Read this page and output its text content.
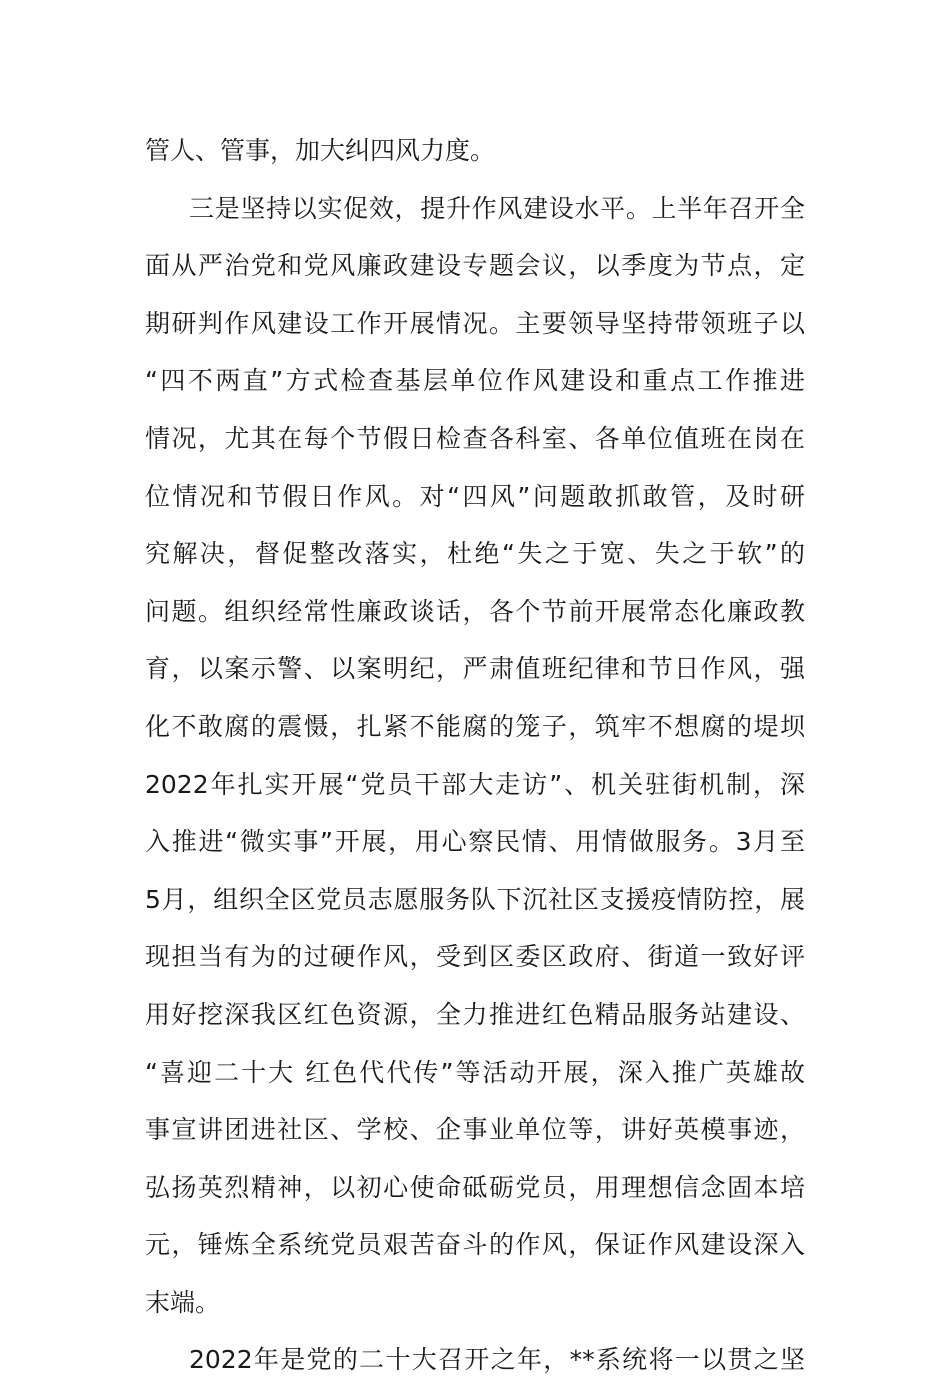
管人、管事，加大纠四风力度。
三是坚持以实促效，提升作风建设水平。上半年召开全
面从严治党和党风廉政建设专题会议，以季度为节点，定
期研判作风建设工作开展情况。主要领导坚持带领班子以
“四不两直”方式检查基层单位作风建设和重点工作推进
情况，尤其在每个节假日检查各科室、各单位值班在岗在
位情况和节假日作风。对“四风”问题敢抓敢管，及时研
究解决，督促整改落实，杜绝“失之于宽、失之于软”的
问题。组织经常性廉政谈话，各个节前开展常态化廉政教
育，以案示警、以案明纪，严肃值班纪律和节日作风，强
化不敢腐的震慑，扎紧不能腐的笼子，筑牢不想腐的堤坝
2022年扎实开展“党员干部大走访”、机关驻街机制，深
入推进“微实事”开展，用心察民情、用情做服务。3月至
5月，组织全区党员志愿服务队下沉社区支援疫情防控，展
现担当有为的过硬作风，受到区委区政府、街道一致好评
用好挖深我区红色资源，全力推进红色精品服务站建设、
“喜迎二十大 红色代代传”等活动开展，深入推广英雄故
事宣讲团进社区、学校、企事业单位等，讲好英模事迹，
弘扬英烈精神，以初心使命砥砺党员，用理想信念固本培
元，锤炼全系统党员艰苦奋斗的作风，保证作风建设深入
末端。
2022年是党的二十大召开之年，**系统将一以贯之坚
